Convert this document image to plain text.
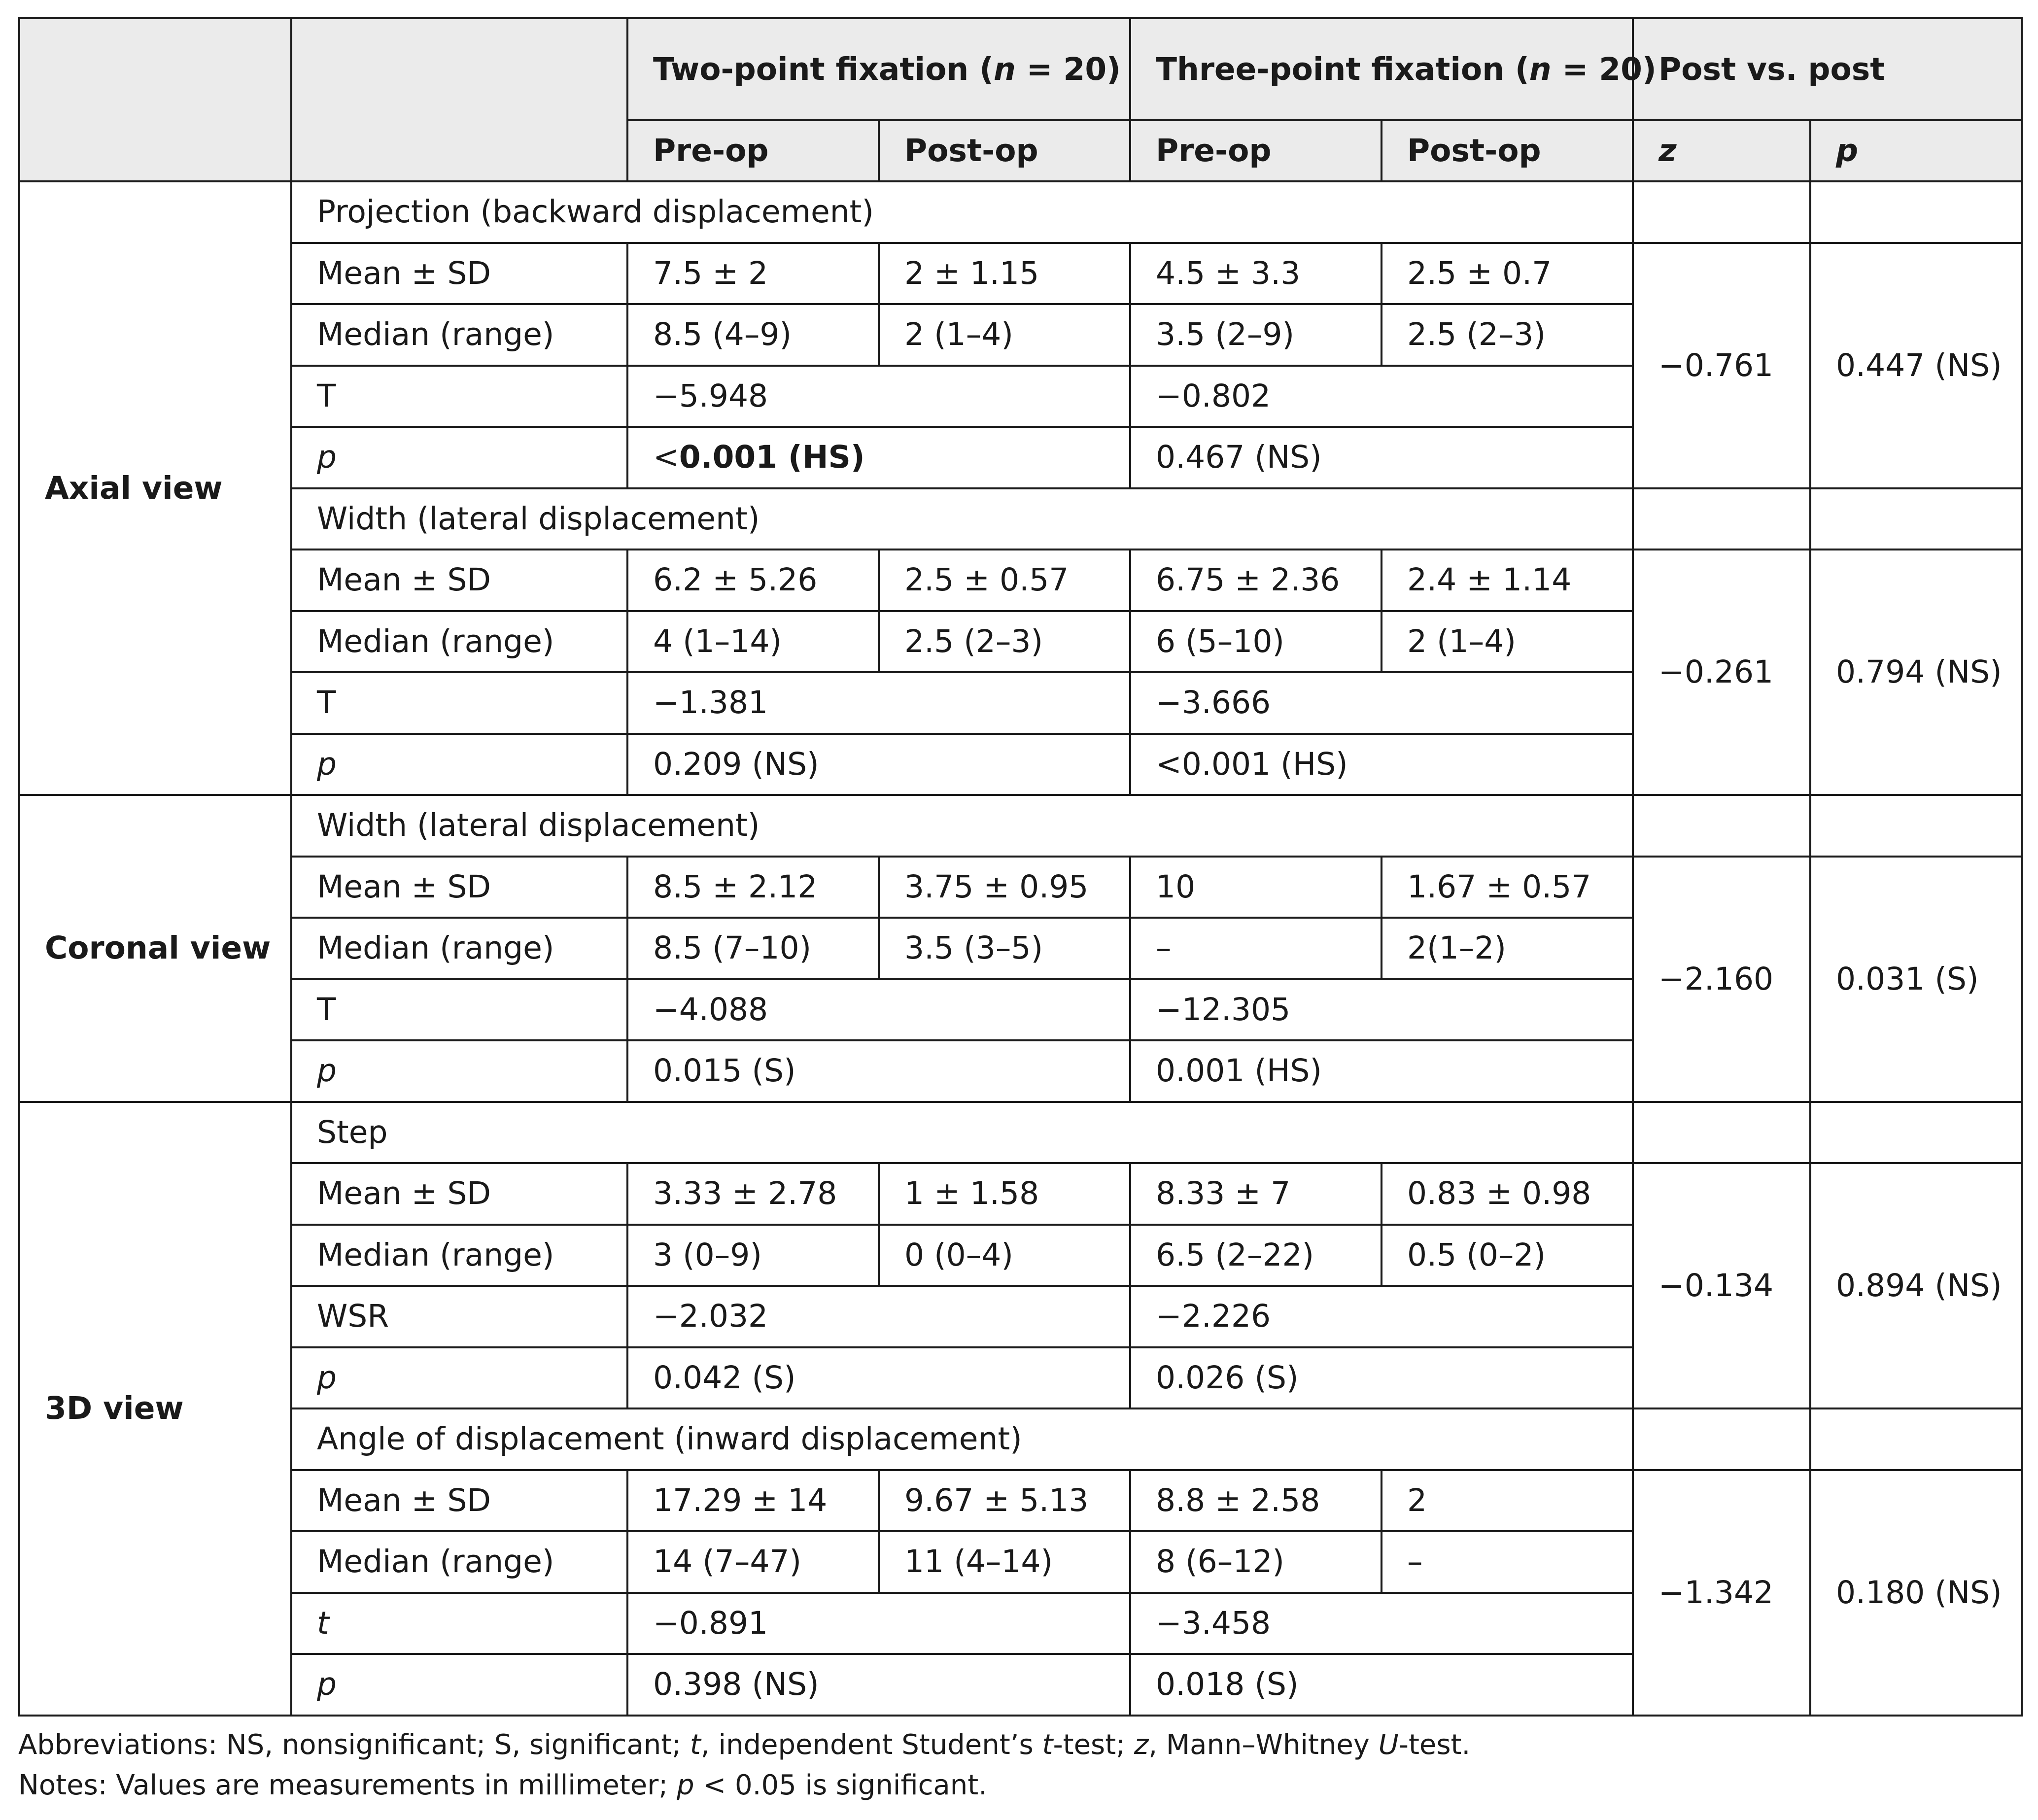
		Two-point fixation (n = 20)		Three-point fixation (n = 20)		Post vs. post	
		Pre-op	Post-op	Pre-op	Post-op	z	p
Axial view	Projection (backward displacement)						
	Mean ± SD	7.5 ± 2	2 ± 1.15	4.5 ± 3.3	2.5 ± 0.7	−0.761	0.447 (NS)
	Median (range)	8.5 (4–9)	2 (1–4)	3.5 (2–9)	2.5 (2–3)		
	T	−5.948		−0.802			
	p	<0.001 (HS)		0.467 (NS)			
	Width (lateral displacement)						
	Mean ± SD	6.2 ± 5.26	2.5 ± 0.57	6.75 ± 2.36	2.4 ± 1.14	−0.261	0.794 (NS)
	Median (range)	4 (1–14)	2.5 (2–3)	6 (5–10)	2 (1–4)		
	T	−1.381		−3.666			
	p	0.209 (NS)		<0.001 (HS)			
Coronal view	Width (lateral displacement)						
	Mean ± SD	8.5 ± 2.12	3.75 ± 0.95	10	1.67 ± 0.57	−2.160	0.031 (S)
	Median (range)	8.5 (7–10)	3.5 (3–5)	–	2(1–2)		
	T	−4.088		−12.305			
	p	0.015 (S)		0.001 (HS)			
3D view	Step						
	Mean ± SD	3.33 ± 2.78	1 ± 1.58	8.33 ± 7	0.83 ± 0.98	−0.134	0.894 (NS)
	Median (range)	3 (0–9)	0 (0–4)	6.5 (2–22)	0.5 (0–2)		
	WSR	−2.032		−2.226			
	p	0.042 (S)		0.026 (S)			
	Angle of displacement (inward displacement)						
	Mean ± SD	17.29 ± 14	9.67 ± 5.13	8.8 ± 2.58	2	−1.342	0.180 (NS)
	Median (range)	14 (7–47)	11 (4–14)	8 (6–12)	–		
	t	−0.891		−3.458			
	p	0.398 (NS)		0.018 (S)			
Abbreviations: NS, nonsignificant; S, significant; t, independent Student’s t-test; z, Mann–Whitney U-test.
Notes: Values are measurements in millimeter; p < 0.05 is significant.
